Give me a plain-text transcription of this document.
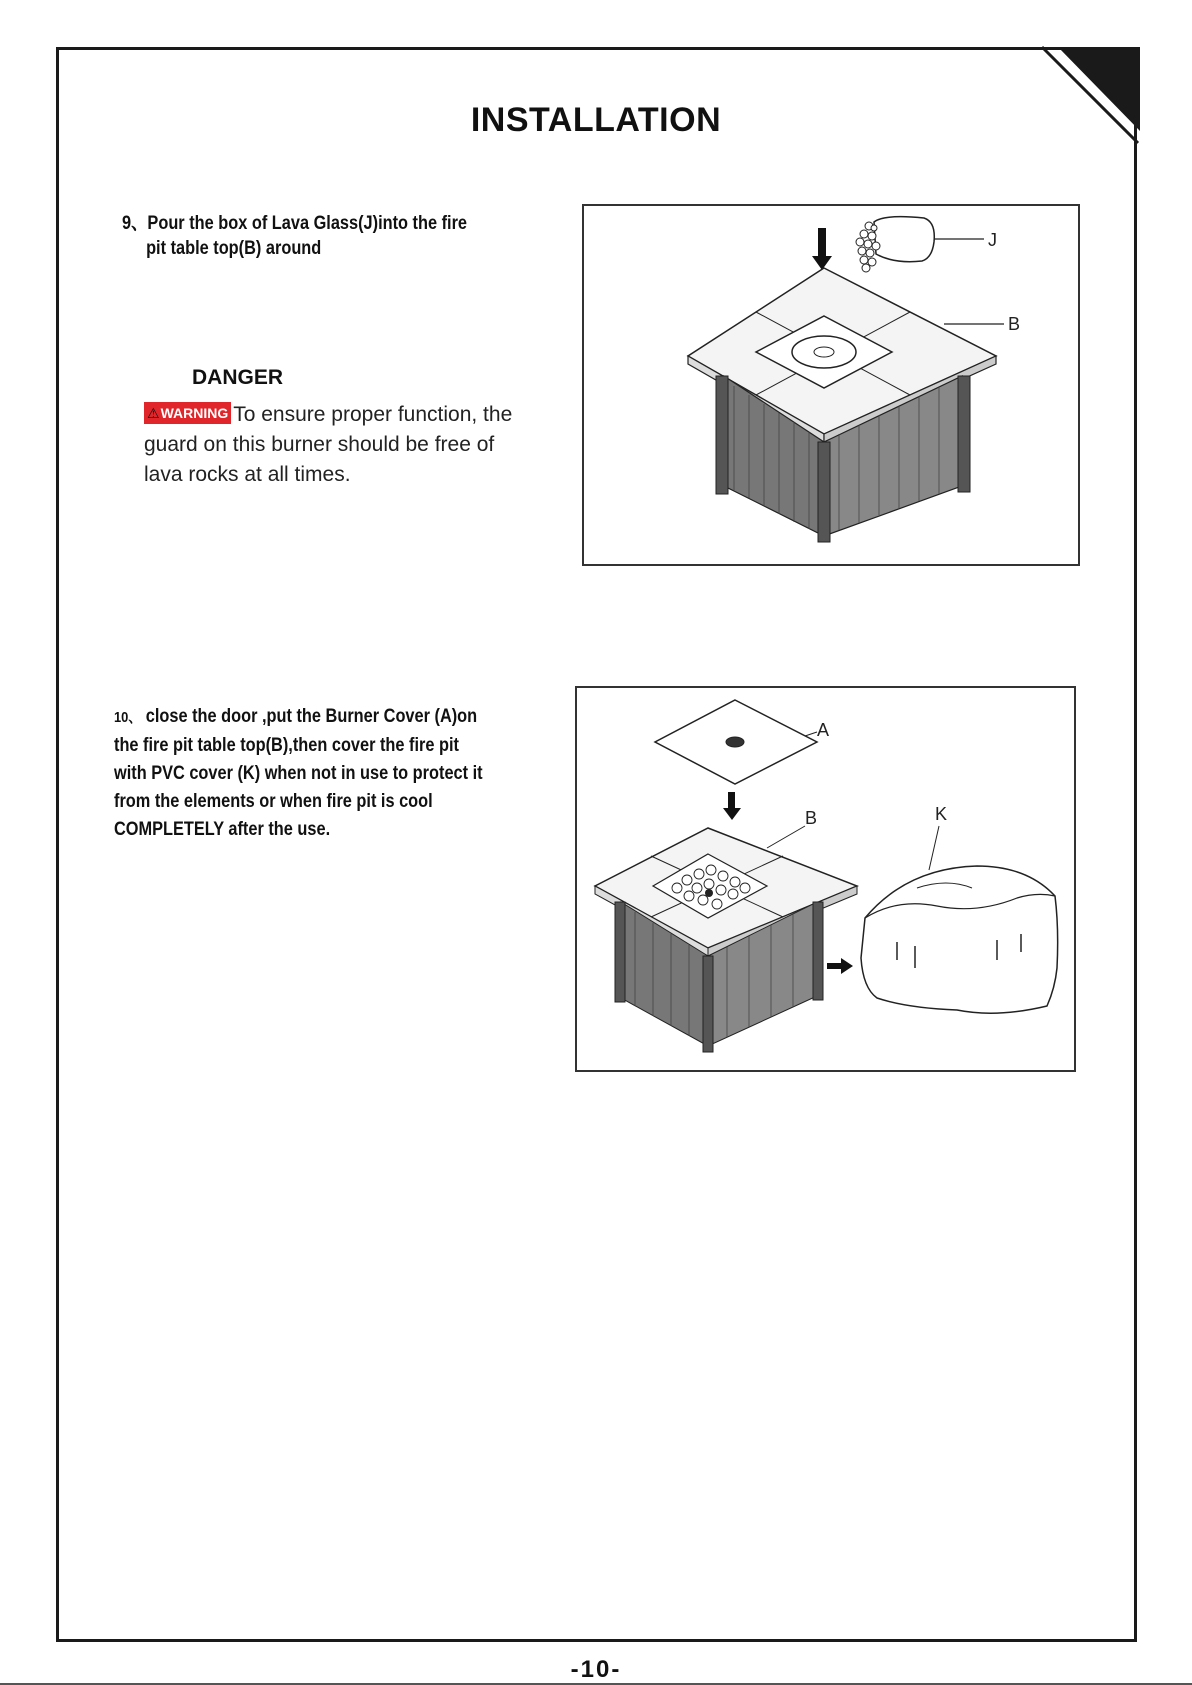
INSTALLATION
9、Pour the box of Lava Glass(J)into the fire
pit table top(B) around
DANGER
⚠WARNING To ensure proper function, the
guard on this burner should be free of
lava rocks at all times.
J
B
10、 close the door ,put the Burner Cover (A)on
the fire pit table top(B),then cover the fire pit
with PVC cover (K) when not in use to protect it
from the elements or when fire pit is cool
COMPLETELY after the use.
A
B	K
-10-
